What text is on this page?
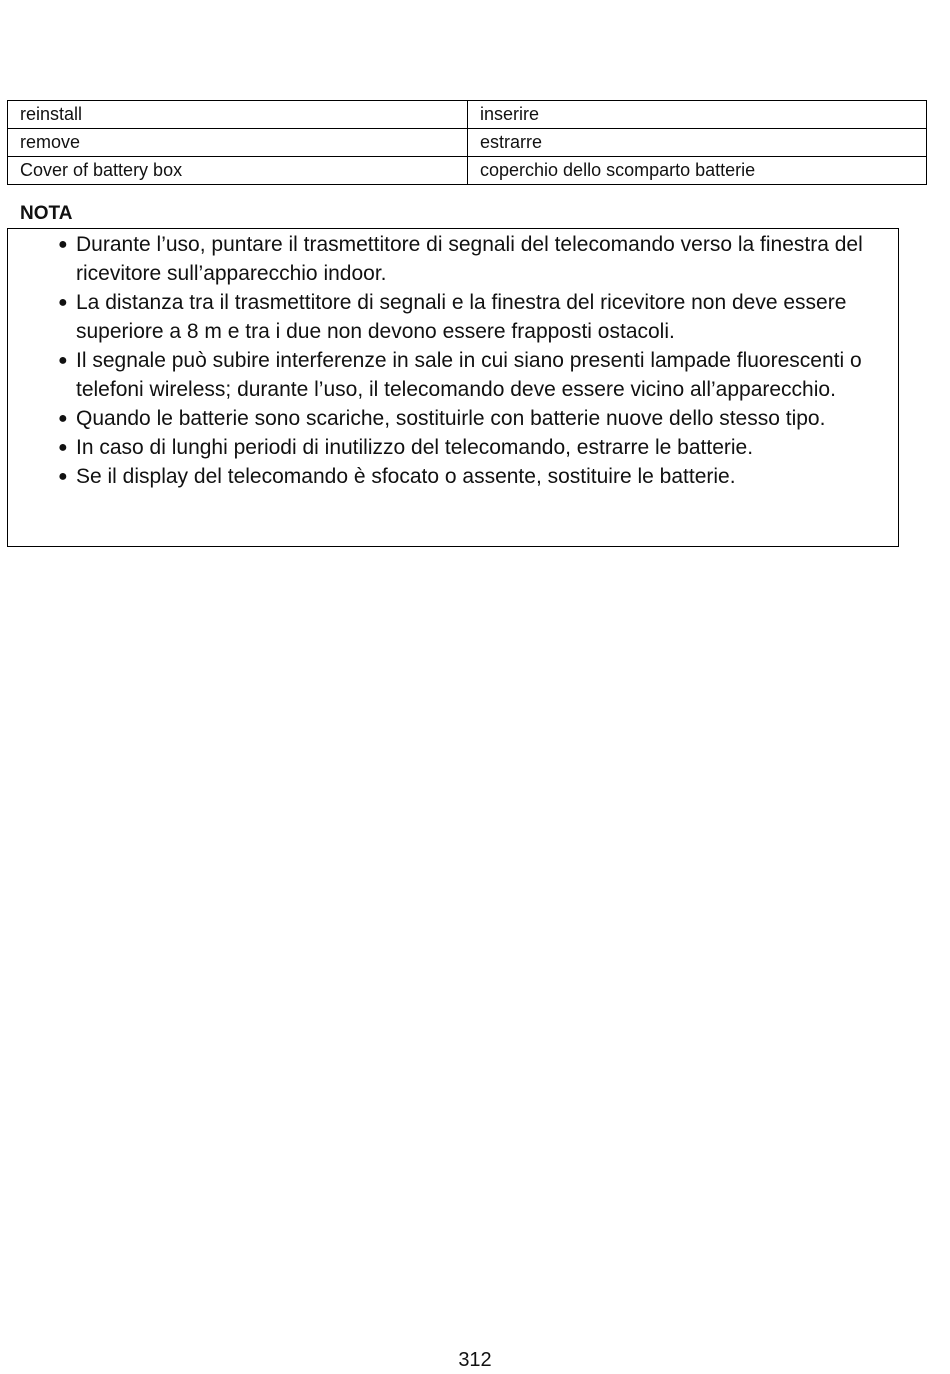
reinstall	inserire
remove	estrarre
Cover of battery box	coperchio dello scomparto batterie
NOTA
● Durante l’uso, puntare il trasmettitore di segnali del telecomando verso la finestra del ricevitore sull’apparecchio indoor.
● La distanza tra il trasmettitore di segnali e la finestra del ricevitore non deve essere superiore a 8 m e tra i due non devono essere frapposti ostacoli.
● Il segnale può subire interferenze in sale in cui siano presenti lampade fluorescenti o telefoni wireless; durante l’uso, il telecomando deve essere vicino all’apparecchio.
● Quando le batterie sono scariche, sostituirle con batterie nuove dello stesso tipo.
● In caso di lunghi periodi di inutilizzo del telecomando, estrarre le batterie.
● Se il display del telecomando è sfocato o assente, sostituire le batterie.
312
